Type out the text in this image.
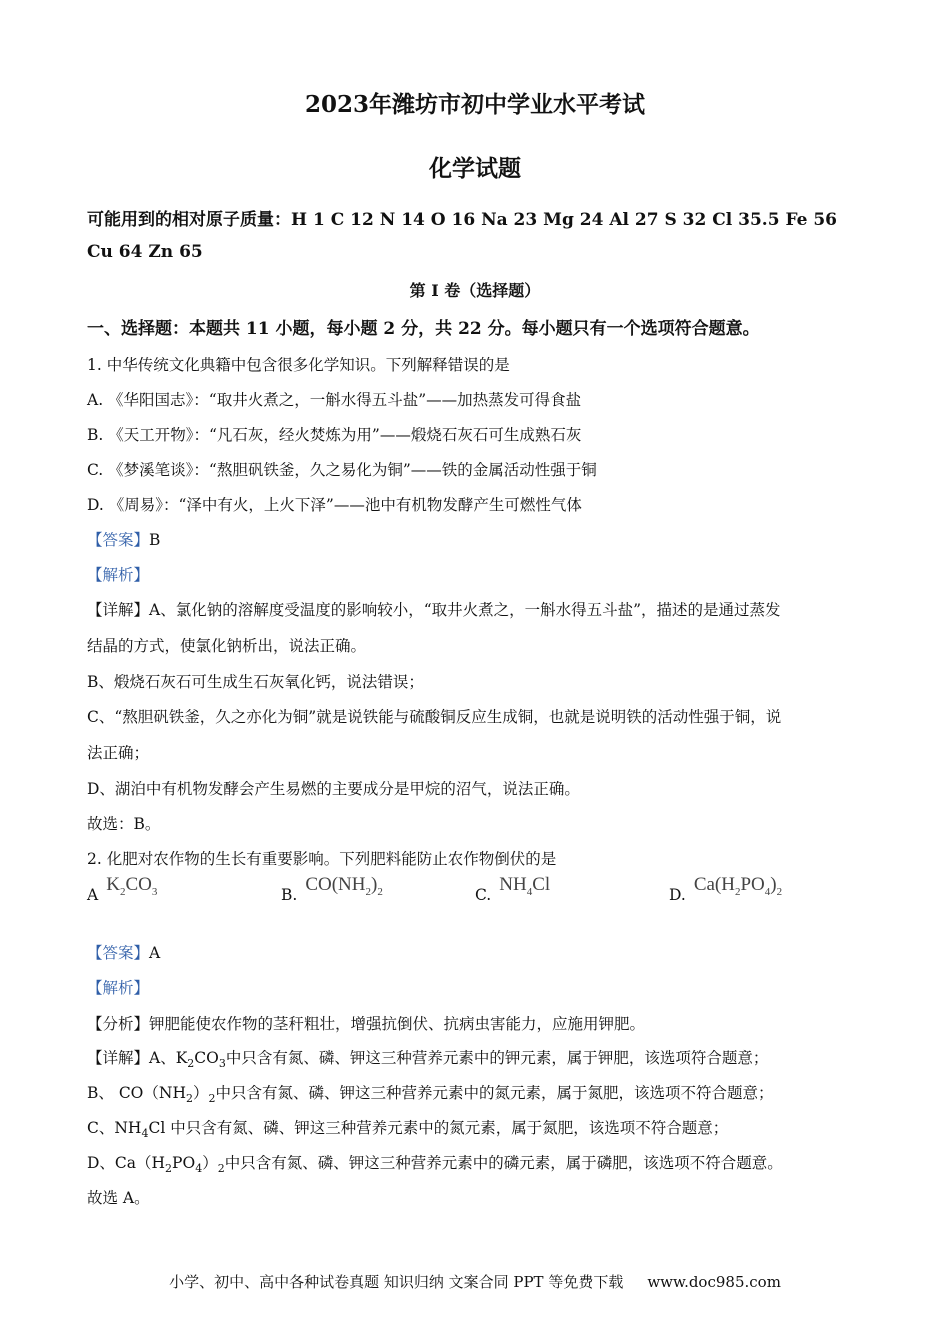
2023年潍坊市初中学业水平考试
化学试题
可能用到的相对原子质量：H 1 C 12 N 14 O 16 Na 23 Mg 24 Al 27 S 32 Cl 35.5 Fe 56
Cu 64 Zn 65
第 I 卷（选择题）
一、选择题：本题共 11 小题，每小题 2 分，共 22 分。每小题只有一个选项符合题意。
1. 中华传统文化典籍中包含很多化学知识。下列解释错误的是
A. 《华阳国志》：“取井火煮之，一斛水得五斗盐”——加热蒸发可得食盐
B. 《天工开物》：“凡石灰，经火焚炼为用”——煅烧石灰石可生成熟石灰
C. 《梦溪笔谈》：“熬胆矾铁釜，久之易化为铜”——铁的金属活动性强于铜
D. 《周易》：“泽中有火，上火下泽”——池中有机物发酵产生可燃性气体
【答案】B
【解析】
【详解】A、氯化钠的溶解度受温度的影响较小，“取井火煮之，一斛水得五斗盐”，描述的是通过蒸发
结晶的方式，使氯化钠析出，说法正确。
B、煅烧石灰石可生成生石灰氧化钙，说法错误；
C、“熬胆矾铁釜，久之亦化为铜”就是说铁能与硫酸铜反应生成铜，也就是说明铁的活动性强于铜，说
法正确；
D、湖泊中有机物发酵会产生易燃的主要成分是甲烷的沼气，说法正确。
故选：B。
2. 化肥对农作物的生长有重要影响。下列肥料能防止农作物倒伏的是
A $K_2CO_3$	B. $CO(NH_2)_2$	C. $NH_4Cl$	D. $Ca(H_2PO_4)_2$
【答案】A
【解析】
【分析】钾肥能使农作物的茎秆粗壮，增强抗倒伏、抗病虫害能力，应施用钾肥。
【详解】A、$K_2CO_3$中只含有氮、磷、钾这三种营养元素中的钾元素，属于钾肥，该选项符合题意；
B、 $CO(NH_2)_2$中只含有氮、磷、钾这三种营养元素中的氮元素，属于氮肥，该选项不符合题意；
C、$NH_4Cl$ 中只含有氮、磷、钾这三种营养元素中的氮元素，属于氮肥，该选项不符合题意；
D、$Ca(H_2PO_4)_2$中只含有氮、磷、钾这三种营养元素中的磷元素，属于磷肥，该选项不符合题意。
故选 A。
小学、初中、高中各种试卷真题 知识归纳 文案合同 PPT 等免费下载 www.doc985.com
